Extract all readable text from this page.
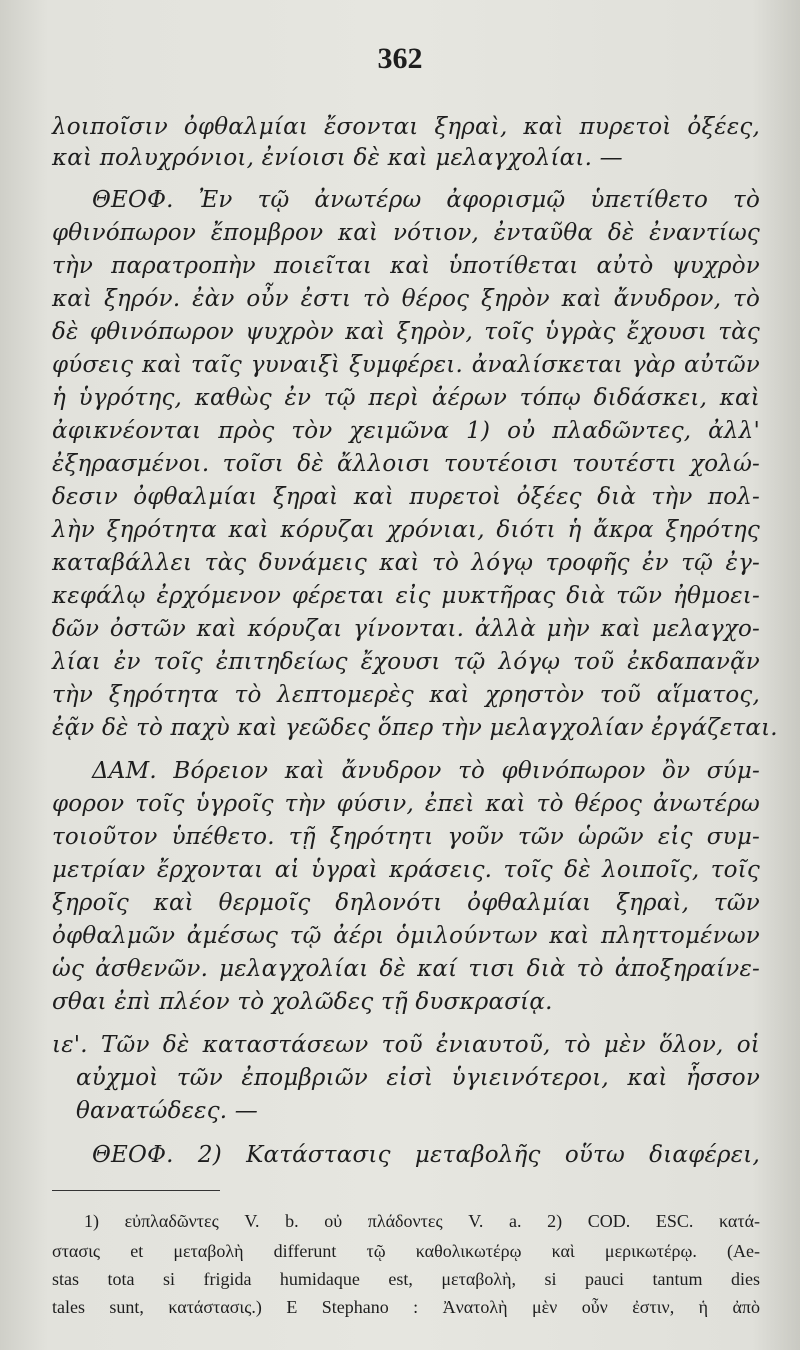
362
λοιποῖσιν ὀφθαλμίαι ἔσονται ξηραὶ, καὶ πυρετοὶ ὀξέες,
καὶ πολυχρόνιοι, ἐνίοισι δὲ καὶ μελαγχολίαι. —
ΘΕΟΦ. Ἐν τῷ ἀνωτέρω ἀφορισμῷ ὑπετίθετο τὸ
φθινόπωρον ἔπομβρον καὶ νότιον, ἐνταῦθα δὲ ἐναντίως
τὴν παρατροπὴν ποιεῖται καὶ ὑποτίθεται αὐτὸ ψυχρὸν
καὶ ξηρόν. ἐὰν οὖν ἐστι τὸ θέρος ξηρὸν καὶ ἄνυδρον, τὸ
δὲ φθινόπωρον ψυχρὸν καὶ ξηρὸν, τοῖς ὑγρὰς ἔχουσι τὰς
φύσεις καὶ ταῖς γυναιξὶ ξυμφέρει. ἀναλίσκεται γὰρ αὐτῶν
ἡ ὑγρότης, καθὼς ἐν τῷ περὶ ἀέρων τόπῳ διδάσκει, καὶ
ἀφικνέονται πρὸς τὸν χειμῶνα 1) οὐ πλαδῶντες, ἀλλ'
ἐξηρασμένοι. τοῖσι δὲ ἄλλοισι τουτέοισι τουτέστι χολώ-
δεσιν ὀφθαλμίαι ξηραὶ καὶ πυρετοὶ ὀξέες διὰ τὴν πολ-
λὴν ξηρότητα καὶ κόρυζαι χρόνιαι, διότι ἡ ἄκρα ξηρότης
καταβάλλει τὰς δυνάμεις καὶ τὸ λόγῳ τροφῆς ἐν τῷ ἐγ-
κεφάλῳ ἐρχόμενον φέρεται εἰς μυκτῆρας διὰ τῶν ἠθμοει-
δῶν ὀστῶν καὶ κόρυζαι γίνονται. ἀλλὰ μὴν καὶ μελαγχο-
λίαι ἐν τοῖς ἐπιτηδείως ἔχουσι τῷ λόγῳ τοῦ ἐκδαπανᾷν
τὴν ξηρότητα τὸ λεπτομερὲς καὶ χρηστὸν τοῦ αἵματος,
ἐᾷν δὲ τὸ παχὺ καὶ γεῶδες ὅπερ τὴν μελαγχολίαν ἐργάζεται.
ΔΑΜ. Βόρειον καὶ ἄνυδρον τὸ φθινόπωρον ὂν σύμ-
φορον τοῖς ὑγροῖς τὴν φύσιν, ἐπεὶ καὶ τὸ θέρος ἀνωτέρω
τοιοῦτον ὑπέθετο. τῇ ξηρότητι γοῦν τῶν ὡρῶν εἰς συμ-
μετρίαν ἔρχονται αἱ ὑγραὶ κράσεις. τοῖς δὲ λοιποῖς, τοῖς
ξηροῖς καὶ θερμοῖς δηλονότι ὀφθαλμίαι ξηραὶ, τῶν
ὀφθαλμῶν ἀμέσως τῷ ἀέρι ὁμιλούντων καὶ πληττομένων
ὡς ἀσθενῶν. μελαγχολίαι δὲ καί τισι διὰ τὸ ἀποξηραίνε-
σθαι ἐπὶ πλέον τὸ χολῶδες τῇ δυσκρασίᾳ.
ιε'. Τῶν δὲ καταστάσεων τοῦ ἐνιαυτοῦ, τὸ μὲν ὅλον, οἱ
αὐχμοὶ τῶν ἐπομβριῶν εἰσὶ ὑγιεινότεροι, καὶ ἧσσον
θανατώδεες. —
ΘΕΟΦ. 2) Κατάστασις μεταβολῆς οὕτω διαφέρει,
1) εὐπλαδῶντες V. b. οὐ πλάδοντες V. a. 2) COD. ESC. κατά-
στασις et μεταβολὴ differunt τῷ καθολικωτέρῳ καὶ μερικωτέρῳ. (Ae-
stas tota si frigida humidaque est, μεταβολὴ, si pauci tantum dies
tales sunt, κατάστασις.) E Stephano : Ἀνατολὴ μὲν οὖν ἐστιν, ἡ ἀπὸ
